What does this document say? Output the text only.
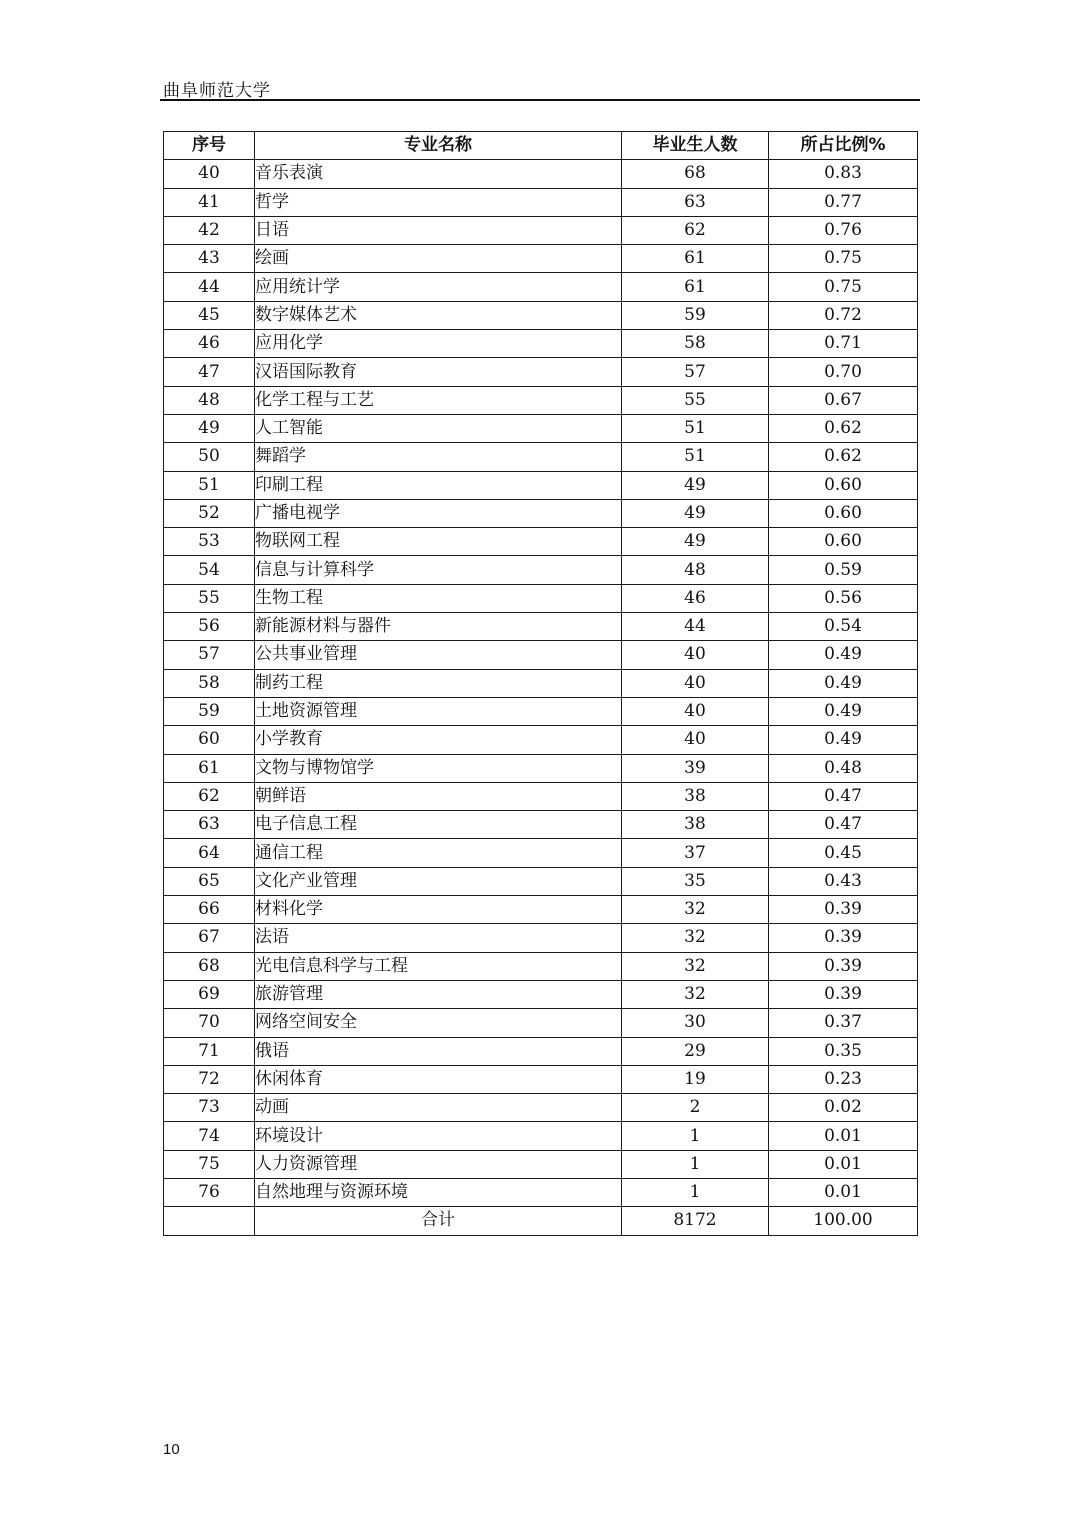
曲阜师范大学
序号	专业名称	毕业生人数	所占比例%
40	音乐表演	68	0.83
41	哲学	63	0.77
42	日语	62	0.76
43	绘画	61	0.75
44	应用统计学	61	0.75
45	数字媒体艺术	59	0.72
46	应用化学	58	0.71
47	汉语国际教育	57	0.70
48	化学工程与工艺	55	0.67
49	人工智能	51	0.62
50	舞蹈学	51	0.62
51	印刷工程	49	0.60
52	广播电视学	49	0.60
53	物联网工程	49	0.60
54	信息与计算科学	48	0.59
55	生物工程	46	0.56
56	新能源材料与器件	44	0.54
57	公共事业管理	40	0.49
58	制药工程	40	0.49
59	土地资源管理	40	0.49
60	小学教育	40	0.49
61	文物与博物馆学	39	0.48
62	朝鲜语	38	0.47
63	电子信息工程	38	0.47
64	通信工程	37	0.45
65	文化产业管理	35	0.43
66	材料化学	32	0.39
67	法语	32	0.39
68	光电信息科学与工程	32	0.39
69	旅游管理	32	0.39
70	网络空间安全	30	0.37
71	俄语	29	0.35
72	休闲体育	19	0.23
73	动画	2	0.02
74	环境设计	1	0.01
75	人力资源管理	1	0.01
76	自然地理与资源环境	1	0.01
	合计	8172	100.00
10
